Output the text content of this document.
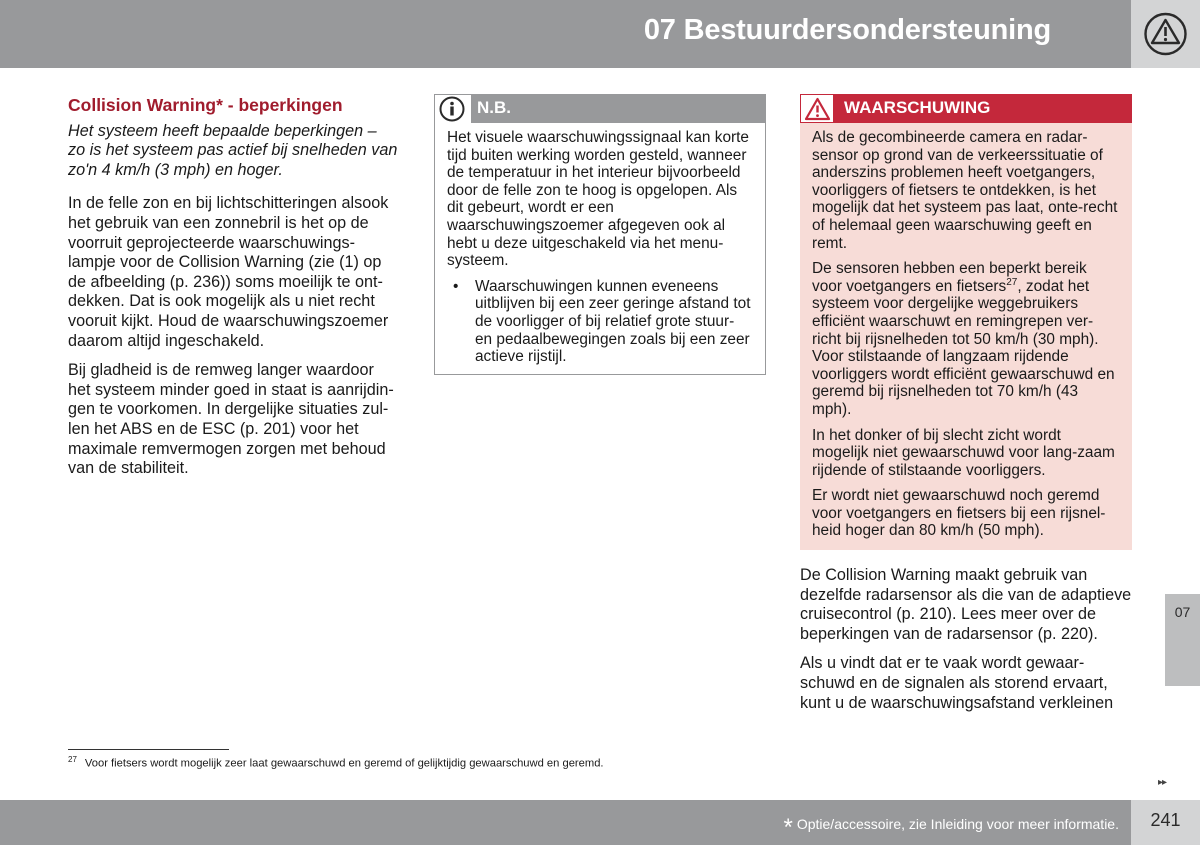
07 Bestuurdersondersteuning
Collision Warning* - beperkingen

Het systeem heeft bepaalde beperkingen – zo is het systeem pas actief bij snelheden van zo'n 4 km/h (3 mph) en hoger.

In de felle zon en bij lichtschitteringen alsook het gebruik van een zonnebril is het op de voorruit geprojecteerde waarschuwings-lampje voor de Collision Warning (zie (1) op de afbeelding (p. 236)) soms moeilijk te ont-dekken. Dat is ook mogelijk als u niet recht vooruit kijkt. Houd de waarschuwingszoemer daarom altijd ingeschakeld.

Bij gladheid is de remweg langer waardoor het systeem minder goed in staat is aanrijdin-gen te voorkomen. In dergelijke situaties zul-len het ABS en de ESC (p. 201) voor het maximale remvermogen zorgen met behoud van de stabiliteit.

N.B.

Het visuele waarschuwingssignaal kan korte tijd buiten werking worden gesteld, wanneer de temperatuur in het interieur bijvoorbeeld door de felle zon te hoog is opgelopen. Als dit gebeurt, wordt er een waarschuwingszoemer afgegeven ook al hebt u deze uitgeschakeld via het menu-systeem.

• Waarschuwingen kunnen eveneens uitblijven bij een zeer geringe afstand tot de voorligger of bij relatief grote stuur- en pedaalbewegingen zoals bij een zeer actieve rijstijl.
WAARSCHUWING

Als de gecombineerde camera en radar-sensor op grond van de verkeerssituatie of anderszins problemen heeft voetgangers, voorliggers of fietsers te ontdekken, is het mogelijk dat het systeem pas laat, onte-recht of helemaal geen waarschuwing geeft en remt.

De sensoren hebben een beperkt bereik voor voetgangers en fietsers$^{27}$, zodat het systeem voor dergelijke weggebruikers efficiënt waarschuwt en remingrepen ver-richt bij rijsnelheden tot 50 km/h (30 mph). Voor stilstaande of langzaam rijdende voorliggers wordt efficiënt gewaarschuwd en geremd bij rijsnelheden tot 70 km/h (43 mph).

In het donker of bij slecht zicht wordt mogelijk niet gewaarschuwd voor lang-zaam rijdende of stilstaande voorliggers.

Er wordt niet gewaarschuwd noch geremd voor voetgangers en fietsers bij een rijsnel-heid hoger dan 80 km/h (50 mph).

De Collision Warning maakt gebruik van dezelfde radarsensor als die van de adaptieve cruisecontrol (p. 210). Lees meer over de beperkingen van de radarsensor (p. 220).

Als u vindt dat er te vaak wordt gewaar-schuwd en de signalen als storend ervaart, kunt u de waarschuwingsafstand verkleinen

07
$^{27}$ Voor fietsers wordt mogelijk zeer laat gewaarschuwd en geremd of gelijktijdig gewaarschuwd en geremd.
▸▸
* Optie/accessoire, zie Inleiding voor meer informatie.	241
